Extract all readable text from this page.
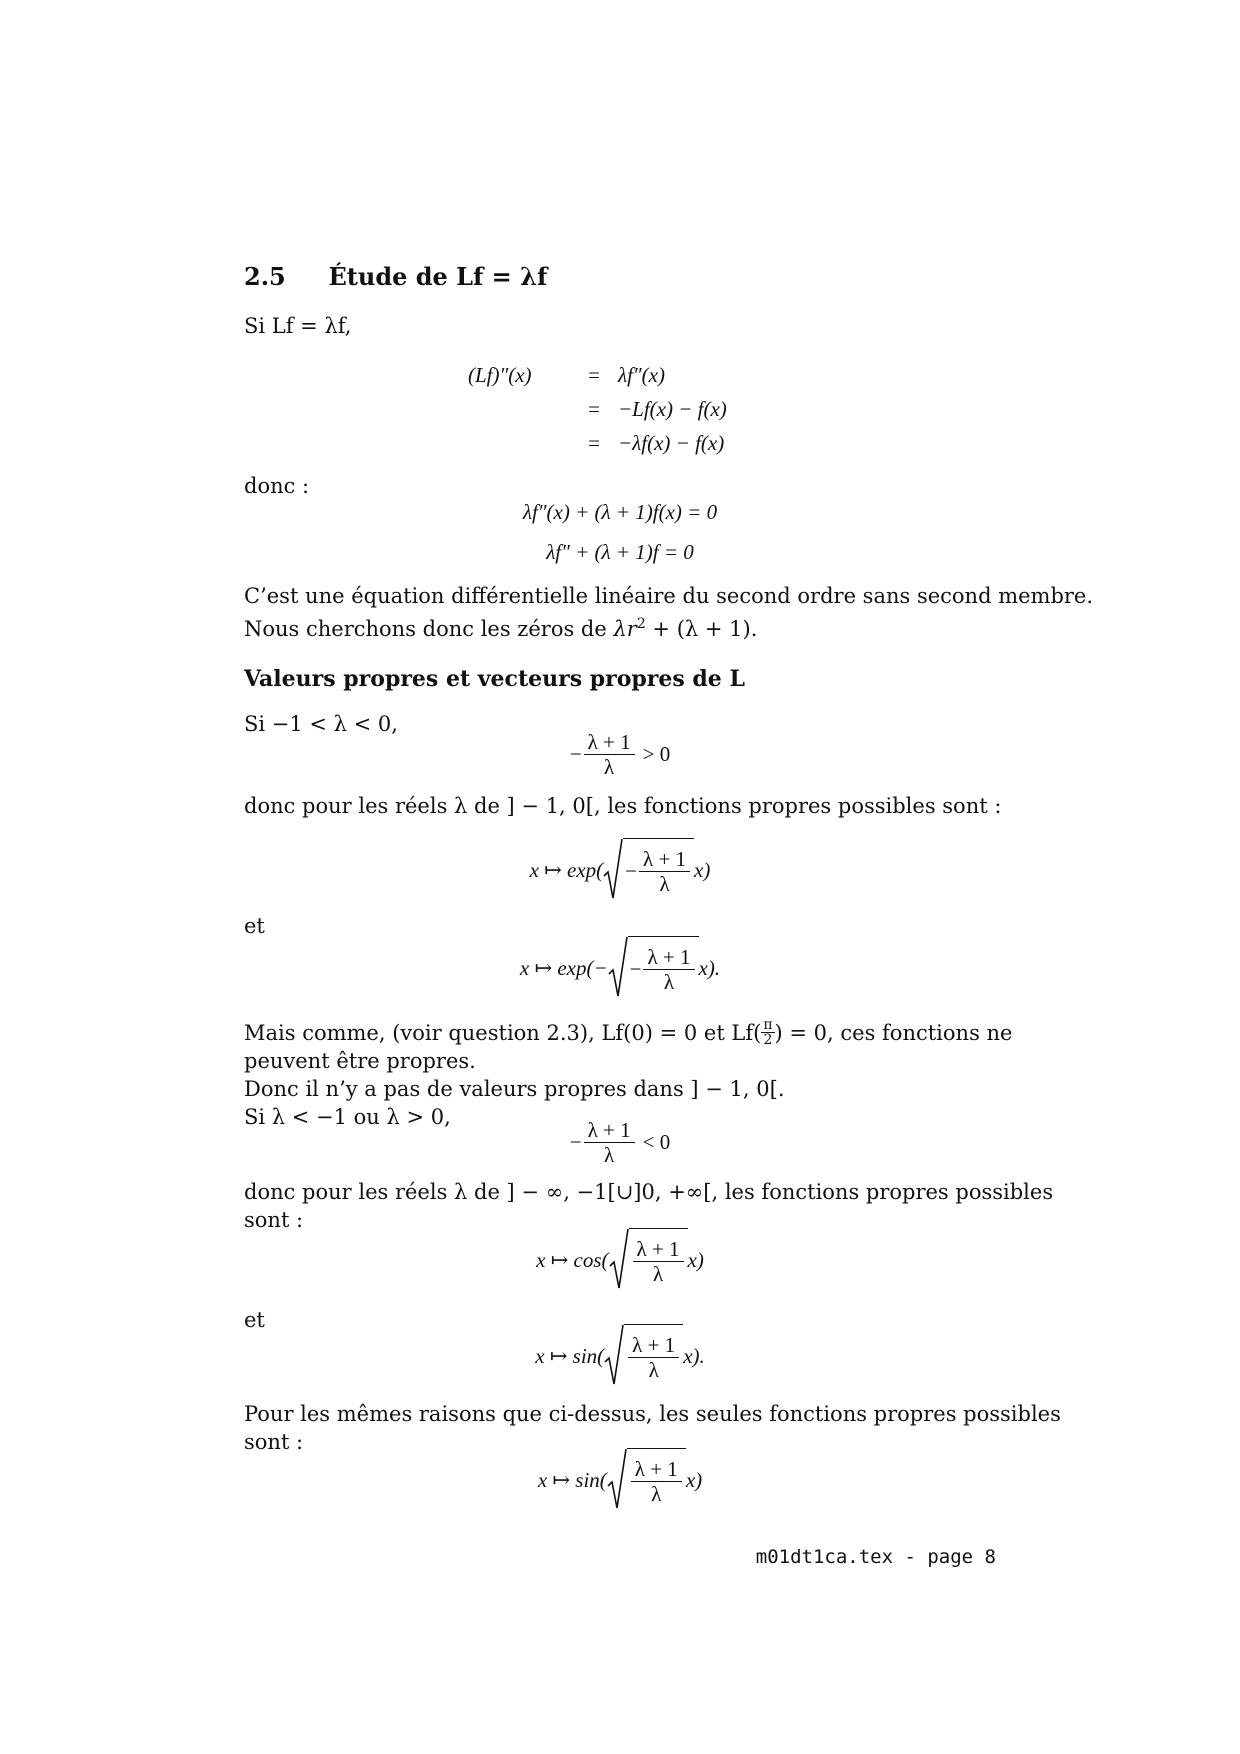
2.5 Étude de Lf = λf
Si Lf = λf,
(Lf)″(x)	= λf″(x)
= −Lf(x) − f(x)
= −λf(x) − f(x)
donc :
λf″(x) + (λ + 1)f(x) = 0
λf″ + (λ + 1)f = 0
C’est une équation différentielle linéaire du second ordre sans second membre.
Nous cherchons donc les zéros de $\lambda r^2 + (\lambda + 1)$.
Valeurs propres et vecteurs propres de L
Si −1 < λ < 0,
− $\frac{\lambda + 1}{\lambda} > 0$
donc pour les réels λ de ] − 1, 0[, les fonctions propres possibles sont :
x ↦ $\exp( - \frac{\lambda + 1}{\lambda} x)$
et
x ↦ $\exp(- - \frac{\lambda + 1}{\lambda} x)$.
Mais comme, (voir question 2.3), Lf(0) = 0 et $Lf( \frac{\pi}{2}$ ) = 0, ces fonctions ne
peuvent être propres.
Donc il n’y a pas de valeurs propres dans ] − 1, 0[.
Si λ < −1 ou λ > 0,
− $\frac{\lambda + 1}{\lambda} < 0$
donc pour les réels λ de ] − ∞, −1[∪]0, +∞[, les fonctions propres possibles
sont :
x ↦ $\cos( \frac{\lambda + 1}{\lambda} x)$
et
x ↦ $\sin( \frac{\lambda + 1}{\lambda} x)$.
Pour les mêmes raisons que ci-dessus, les seules fonctions propres possibles
sont :
x ↦ $\sin( \frac{\lambda + 1}{\lambda} x)$
m01dt1ca.tex - page 8
